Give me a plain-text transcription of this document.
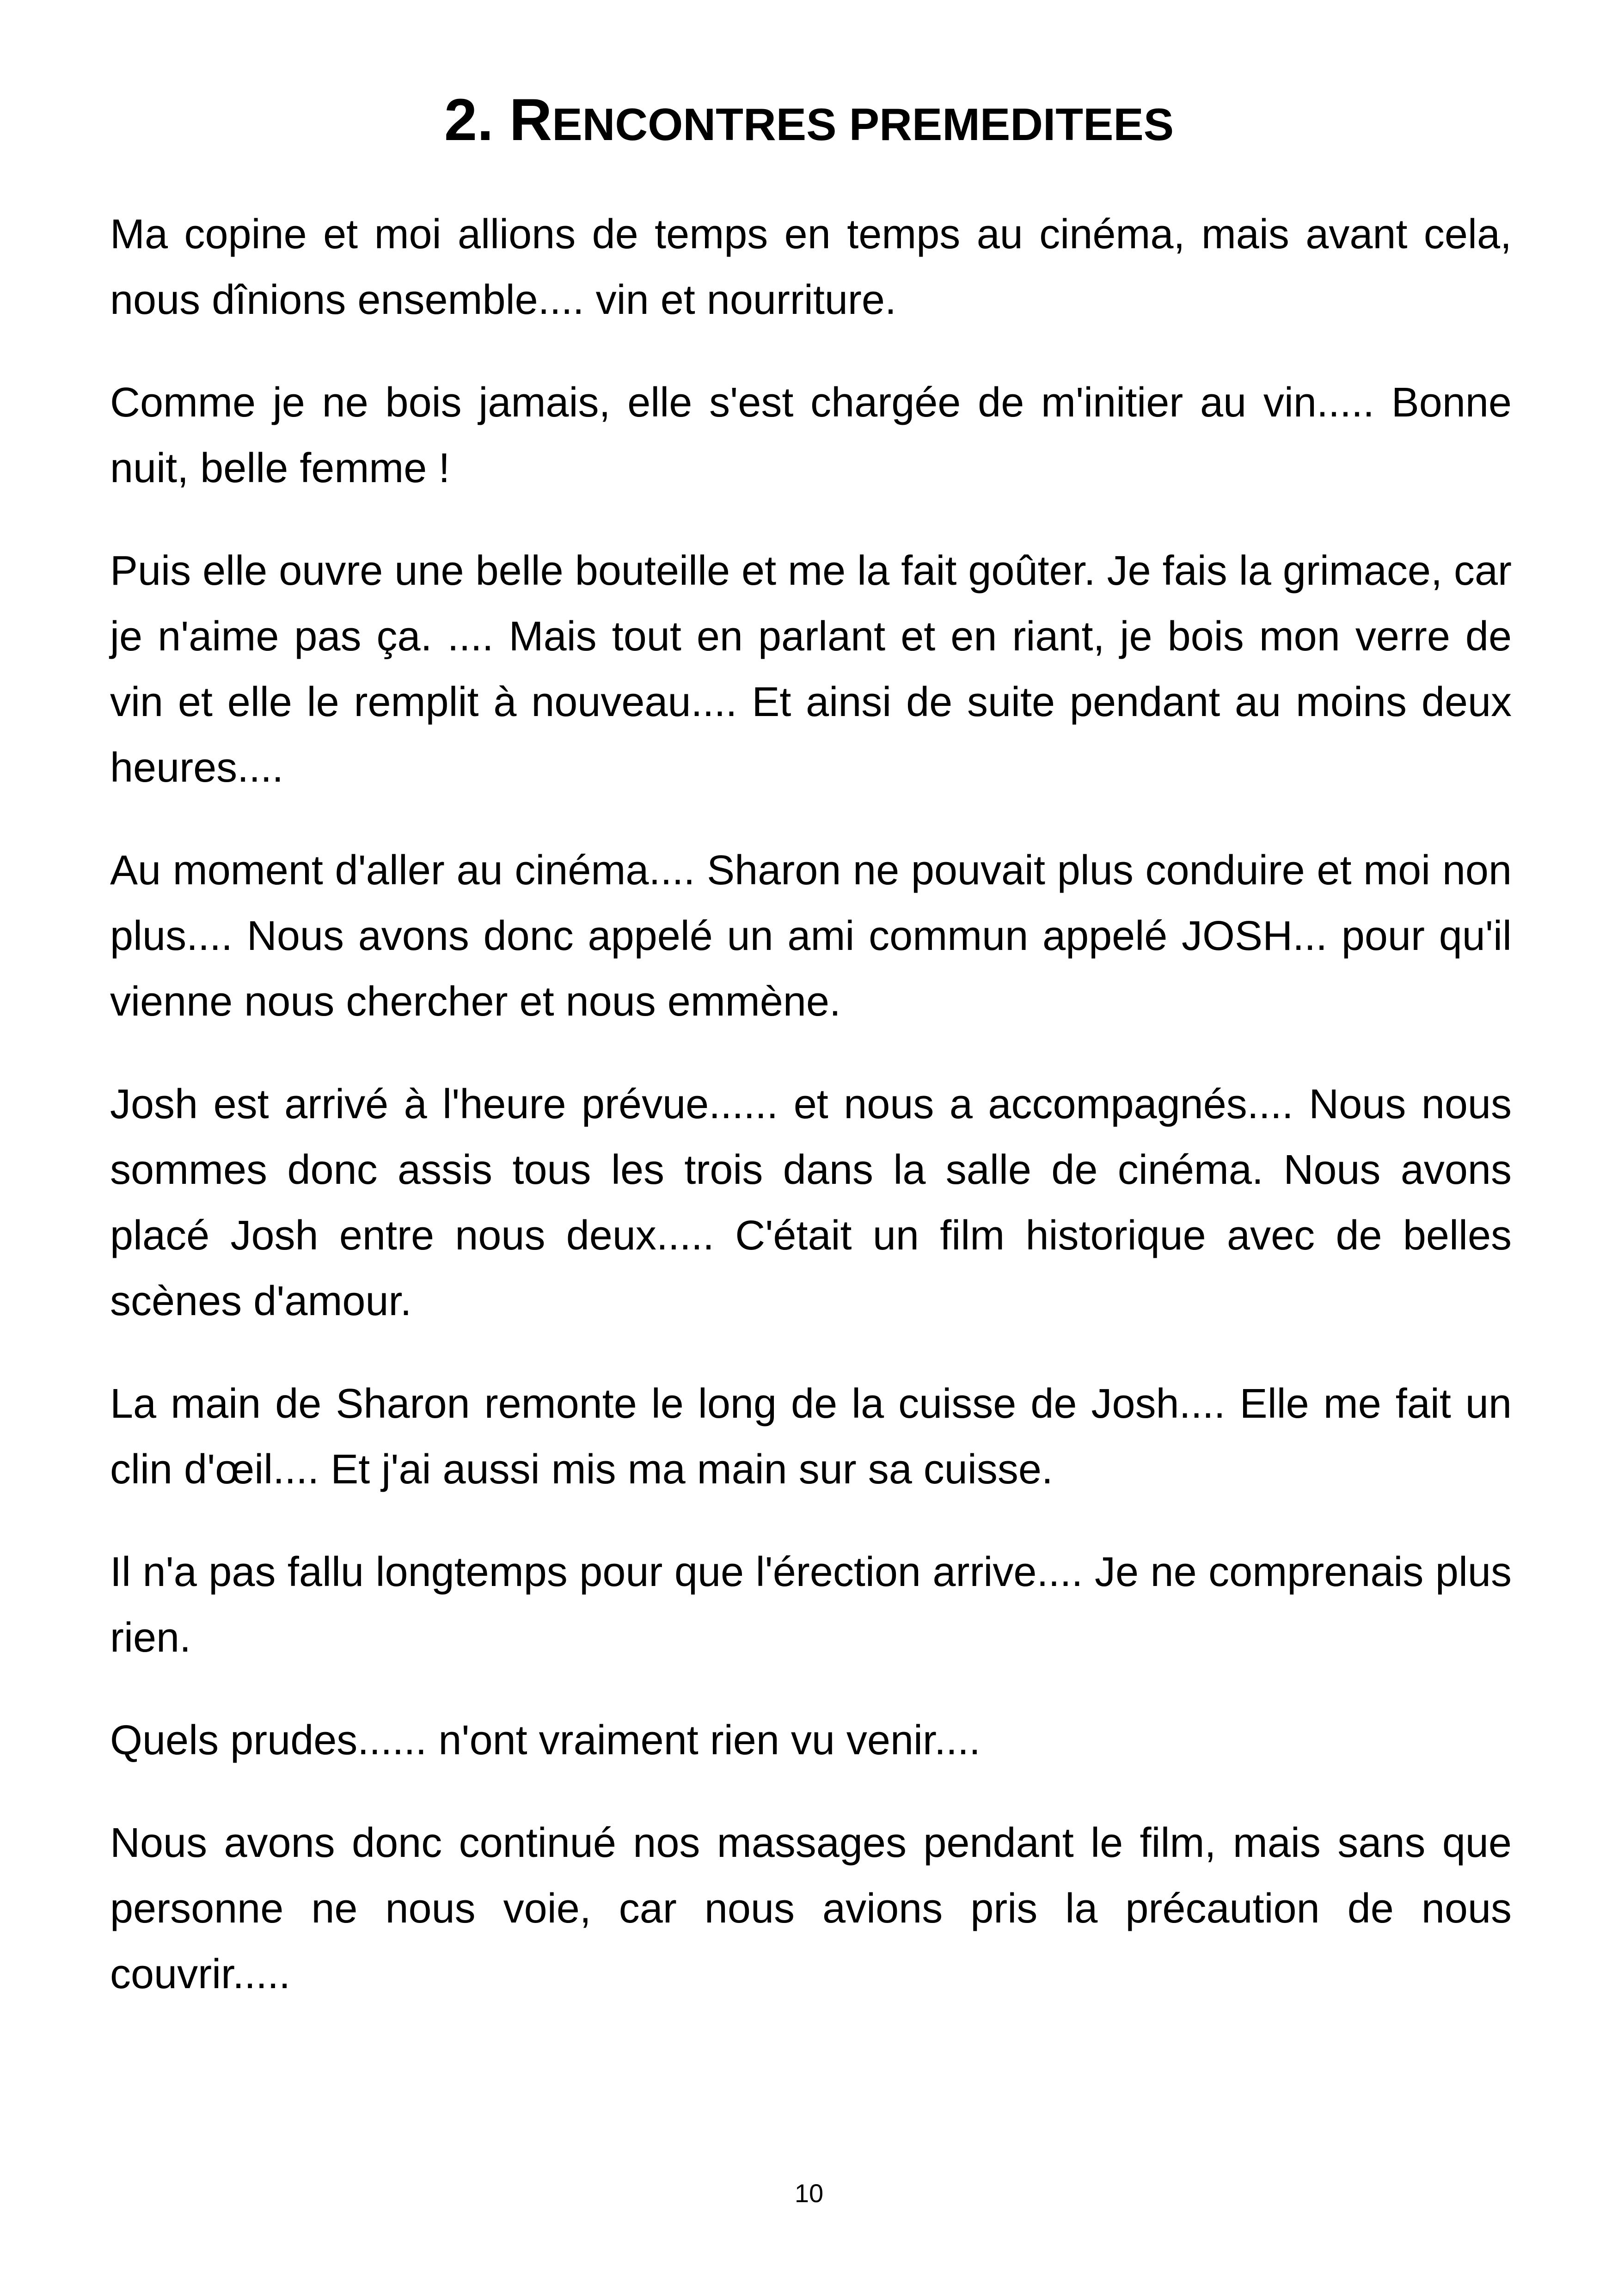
2. RENCONTRES PREMEDITEES

Ma copine et moi allions de temps en temps au cinéma, mais avant cela, nous dînions ensemble.... vin et nourriture.

Comme je ne bois jamais, elle s'est chargée de m'initier au vin..... Bonne nuit, belle femme !

Puis elle ouvre une belle bouteille et me la fait goûter. Je fais la grimace, car je n'aime pas ça. .... Mais tout en parlant et en riant, je bois mon verre de vin et elle le remplit à nouveau.... Et ainsi de suite pendant au moins deux heures....

Au moment d'aller au cinéma.... Sharon ne pouvait plus conduire et moi non plus.... Nous avons donc appelé un ami commun appelé JOSH... pour qu'il vienne nous chercher et nous emmène.

Josh est arrivé à l'heure prévue...... et nous a accompagnés.... Nous nous sommes donc assis tous les trois dans la salle de cinéma. Nous avons placé Josh entre nous deux..... C'était un film historique avec de belles scènes d'amour.

La main de Sharon remonte le long de la cuisse de Josh.... Elle me fait un clin d'œil.... Et j'ai aussi mis ma main sur sa cuisse.

Il n'a pas fallu longtemps pour que l'érection arrive.... Je ne comprenais plus rien.

Quels prudes...... n'ont vraiment rien vu venir....

Nous avons donc continué nos massages pendant le film, mais sans que personne ne nous voie, car nous avions pris la précaution de nous couvrir.....

10
